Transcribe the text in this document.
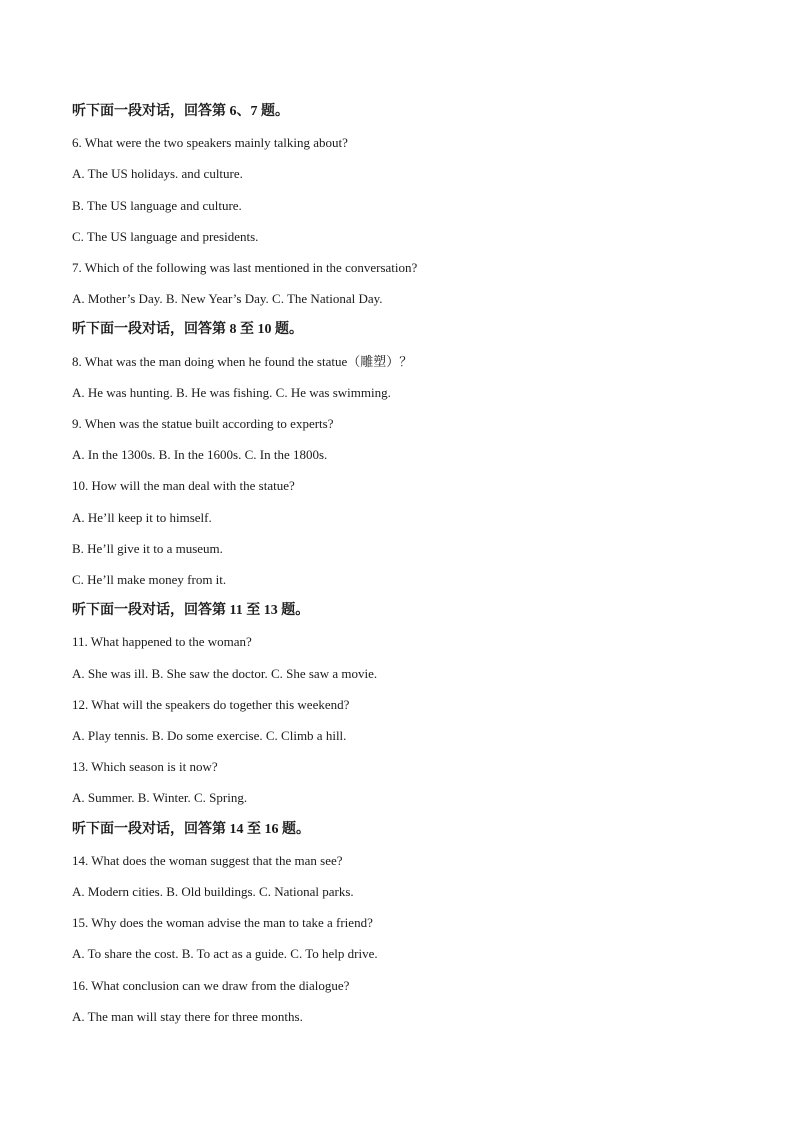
听下面一段对话，回答第 6、7 题。
6. What were the two speakers mainly talking about?
A. The US holidays. and culture.
B. The US language and culture.
C. The US language and presidents.
7. Which of the following was last mentioned in the conversation?
A. Mother’s Day. B. New Year’s Day. C. The National Day.
听下面一段对话，回答第 8 至 10 题。
8. What was the man doing when he found the statue（雕塑）？
A. He was hunting. B. He was fishing. C. He was swimming.
9. When was the statue built according to experts?
A. In the 1300s. B. In the 1600s. C. In the 1800s.
10. How will the man deal with the statue?
A. He’ll keep it to himself.
B. He’ll give it to a museum.
C. He’ll make money from it.
听下面一段对话，回答第 11 至 13 题。
11. What happened to the woman?
A. She was ill. B. She saw the doctor. C. She saw a movie.
12. What will the speakers do together this weekend?
A. Play tennis. B. Do some exercise. C. Climb a hill.
13. Which season is it now?
A. Summer. B. Winter. C. Spring.
听下面一段对话，回答第 14 至 16 题。
14. What does the woman suggest that the man see?
A. Modern cities. B. Old buildings. C. National parks.
15. Why does the woman advise the man to take a friend?
A. To share the cost. B. To act as a guide. C. To help drive.
16. What conclusion can we draw from the dialogue?
A. The man will stay there for three months.
